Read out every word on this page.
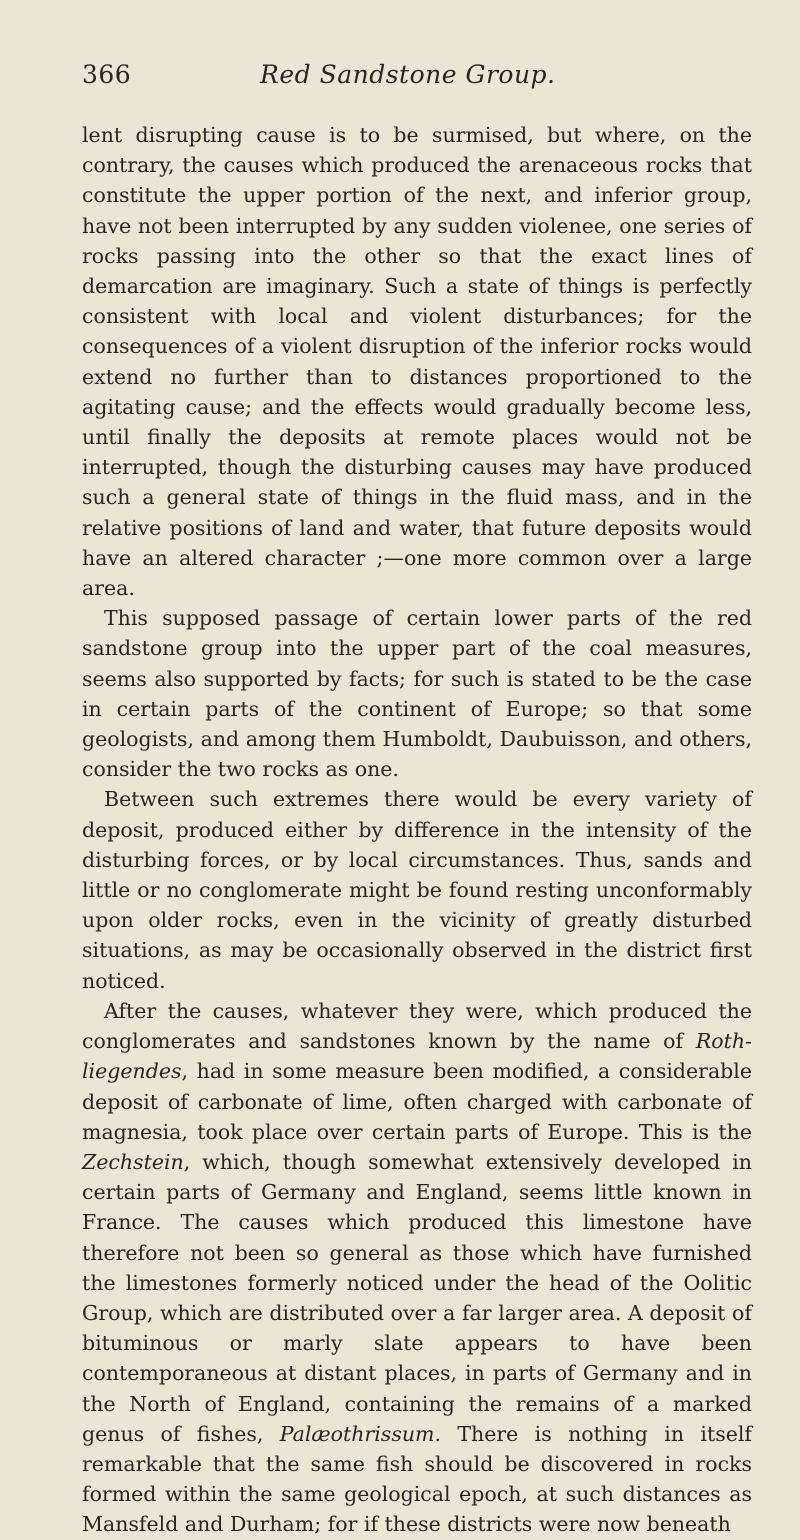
366	Red Sandstone Group.

lent disrupting cause is to be surmised, but where, on the contrary, the causes which produced the arenaceous rocks that constitute the upper portion of the next, and inferior group, have not been interrupted by any sudden violenee, one series of rocks passing into the other so that the exact lines of demarcation are imaginary. Such a state of things is perfectly consistent with local and violent disturbances; for the consequences of a violent disruption of the inferior rocks would extend no further than to distances proportioned to the agitating cause; and the effects would gradually become less, until finally the deposits at remote places would not be interrupted, though the disturbing causes may have produced such a general state of things in the fluid mass, and in the relative positions of land and water, that future deposits would have an altered character ;—one more common over a large area.

This supposed passage of certain lower parts of the red sandstone group into the upper part of the coal measures, seems also supported by facts; for such is stated to be the case in certain parts of the continent of Europe; so that some geologists, and among them Humboldt, Daubuisson, and others, consider the two rocks as one.

Between such extremes there would be every variety of deposit, produced either by difference in the intensity of the disturbing forces, or by local circumstances. Thus, sands and little or no conglomerate might be found resting unconformably upon older rocks, even in the vicinity of greatly disturbed situations, as may be occasionally observed in the district first noticed.

After the causes, whatever they were, which produced the conglomerates and sandstones known by the name of Roth-liegendes, had in some measure been modified, a considerable deposit of carbonate of lime, often charged with carbonate of magnesia, took place over certain parts of Europe. This is the Zechstein, which, though somewhat extensively developed in certain parts of Germany and England, seems little known in France. The causes which produced this limestone have therefore not been so general as those which have furnished the limestones formerly noticed under the head of the Oolitic Group, which are distributed over a far larger area. A deposit of bituminous or marly slate appears to have been contemporaneous at distant places, in parts of Germany and in the North of England, containing the remains of a marked genus of fishes, Palæothrissum. There is nothing in itself remarkable that the same fish should be discovered in rocks formed within the same geological epoch, at such distances as Mansfeld and Durham; for if these districts were now beneath
